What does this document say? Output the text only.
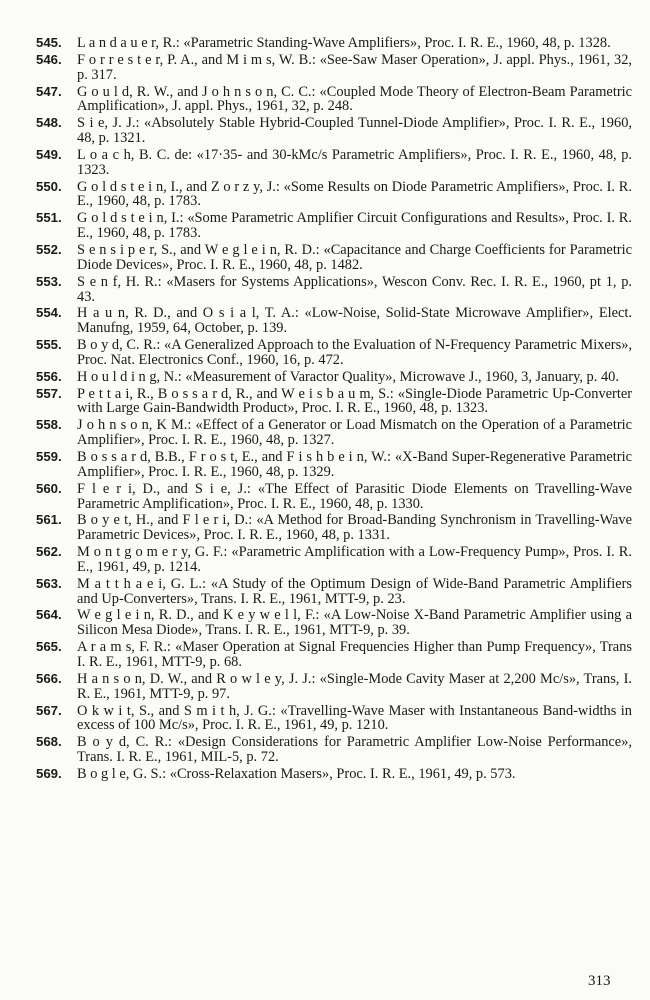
545.	L a n d a u e r, R.: «Parametric Standing-Wave Amplifiers», Proc. I. R. E., 1960, 48, p. 1328.
546.	F o r r e s t e r, P. A., and M i m s, W. B.: «See-Saw Maser Operation», J. appl. Phys., 1961, 32, p. 317.
547.	G o u l d, R. W., and J o h n s o n, C. C.: «Coupled Mode Theory of Electron-Beam Parametric Amplification», J. appl. Phys., 1961, 32, p. 248.
548.	S i e, J. J.: «Absolutely Stable Hybrid-Coupled Tunnel-Diode Amplifier», Proc. I. R. E., 1960, 48, p. 1321.
549.	L o a c h, B. C. de: «17·35- and 30-kMc/s Parametric Amplifiers», Proc. I. R. E., 1960, 48, p. 1323.
550.	G o l d s t e i n, I., and Z o r z y, J.: «Some Results on Diode Parametric Amplifiers», Proc. I. R. E., 1960, 48, p. 1783.
551.	G o l d s t e i n, I.: «Some Parametric Amplifier Circuit Configurations and Results», Proc. I. R. E., 1960, 48, p. 1783.
552.	S e n s i p e r, S., and W e g l e i n, R. D.: «Capacitance and Charge Coefficients for Parametric Diode Devices», Proc. I. R. E., 1960, 48, p. 1482.
553.	S e n f, H. R.: «Masers for Systems Applications», Wescon Conv. Rec. I. R. E., 1960, pt 1, p. 43.
554.	H a u n, R. D., and O s i a l, T. A.: «Low-Noise, Solid-State Microwave Amplifier», Elect. Manufng, 1959, 64, October, p. 139.
555.	B o y d, C. R.: «A Generalized Approach to the Evaluation of N-Frequency Parametric Mixers», Proc. Nat. Electronics Conf., 1960, 16, p. 472.
556.	H o u l d i n g, N.: «Measurement of Varactor Quality», Microwave J., 1960, 3, January, p. 40.
557.	P e t t a i, R., B o s s a r d, R., and W e i s b a u m, S.: «Single-Diode Parametric Up-Converter with Large Gain-Bandwidth Product», Proc. I. R. E., 1960, 48, p. 1323.
558.	J o h n s o n, K M.: «Effect of a Generator or Load Mismatch on the Operation of a Parametric Amplifier», Proc. I. R. E., 1960, 48, p. 1327.
559.	B o s s a r d, B.B., F r o s t, E., and F i s h b e i n, W.: «X-Band Super-Regenerative Parametric Amplifier», Proc. I. R. E., 1960, 48, p. 1329.
560.	F l e r i, D., and S i e, J.: «The Effect of Parasitic Diode Elements on Travelling-Wave Parametric Amplification», Proc. I. R. E., 1960, 48, p. 1330.
561.	B o y e t, H., and F l e r i, D.: «A Method for Broad-Banding Synchronism in Travelling-Wave Parametric Devices», Proc. I. R. E., 1960, 48, p. 1331.
562.	M o n t g o m e r y, G. F.: «Parametric Amplification with a Low-Frequency Pump», Pros. I. R. E., 1961, 49, p. 1214.
563.	M a t t h a e i, G. L.: «A Study of the Optimum Design of Wide-Band Parametric Amplifiers and Up-Converters», Trans. I. R. E., 1961, MTT-9, p. 23.
564.	W e g l e i n, R. D., and K e y w e l l, F.: «A Low-Noise X-Band Parametric Amplifier using a Silicon Mesa Diode», Trans. I. R. E., 1961, MTT-9, p. 39.
565.	A r a m s, F. R.: «Maser Operation at Signal Frequencies Higher than Pump Frequency», Trans I. R. E., 1961, MTT-9, p. 68.
566.	H a n s o n, D. W., and R o w l e y, J. J.: «Single-Mode Cavity Maser at 2,200 Mc/s», Trans, I. R. E., 1961, MTT-9, p. 97.
567.	O k w i t, S., and S m i t h, J. G.: «Travelling-Wave Maser with Instantaneous Band-widths in excess of 100 Mc/s», Proc. I. R. E., 1961, 49, p. 1210.
568.	B o y d, C. R.: «Design Considerations for Parametric Amplifier Low-Noise Performance», Trans. I. R. E., 1961, MIL-5, p. 72.
569.	B o g l e, G. S.: «Cross-Relaxation Masers», Proc. I. R. E., 1961, 49, p. 573.
313
